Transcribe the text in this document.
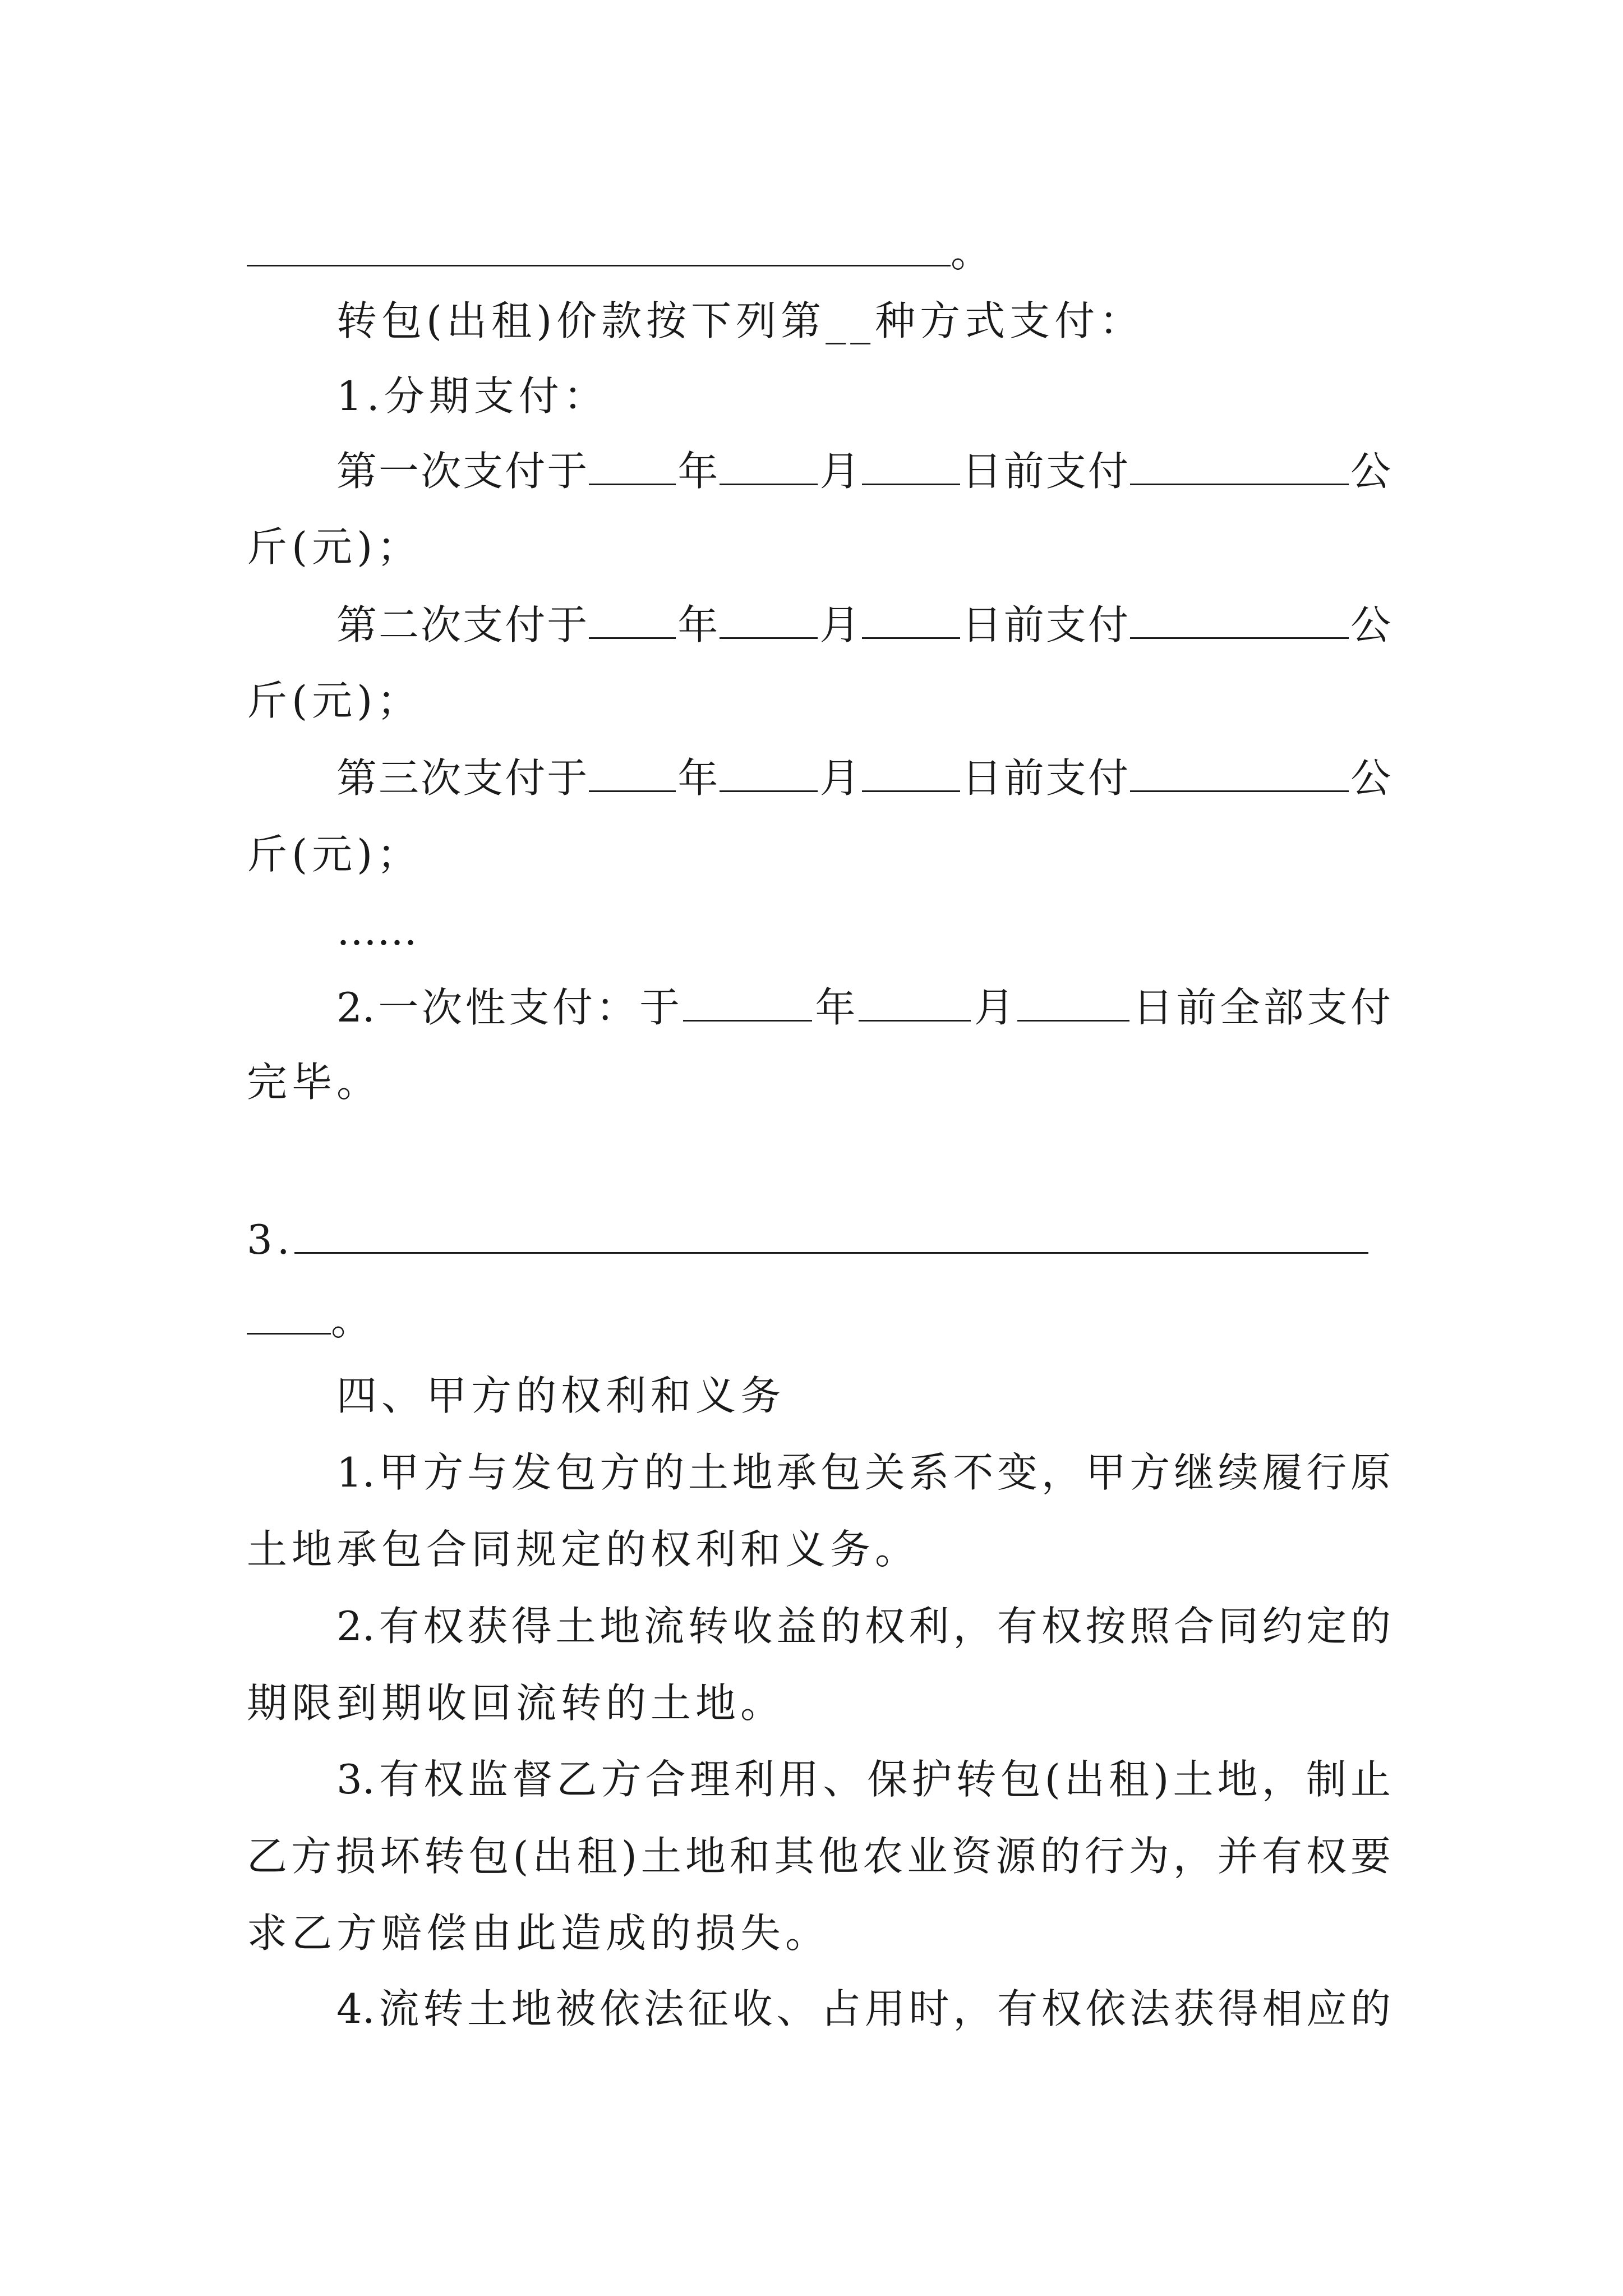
。
转包(出租)价款按下列第__种方式支付：
1.分期支付：
第一次支付于 年 月 日前支付	公
斤(元)；
第二次支付于 年 月 日前支付	公
斤(元)；
第三次支付于 年 月 日前支付	公
斤(元)；
……
2.一次性支付：于	年	月	日前全部支付
完毕。
3.
。
四、甲方的权利和义务
1.甲方与发包方的土地承包关系不变，甲方继续履行原
土地承包合同规定的权利和义务。
2.有权获得土地流转收益的权利，有权按照合同约定的
期限到期收回流转的土地。
3.有权监督乙方合理利用、保护转包(出租)土地，制止
乙方损坏转包(出租)土地和其他农业资源的行为，并有权要
求乙方赔偿由此造成的损失。
4.流转土地被依法征收、占用时，有权依法获得相应的
